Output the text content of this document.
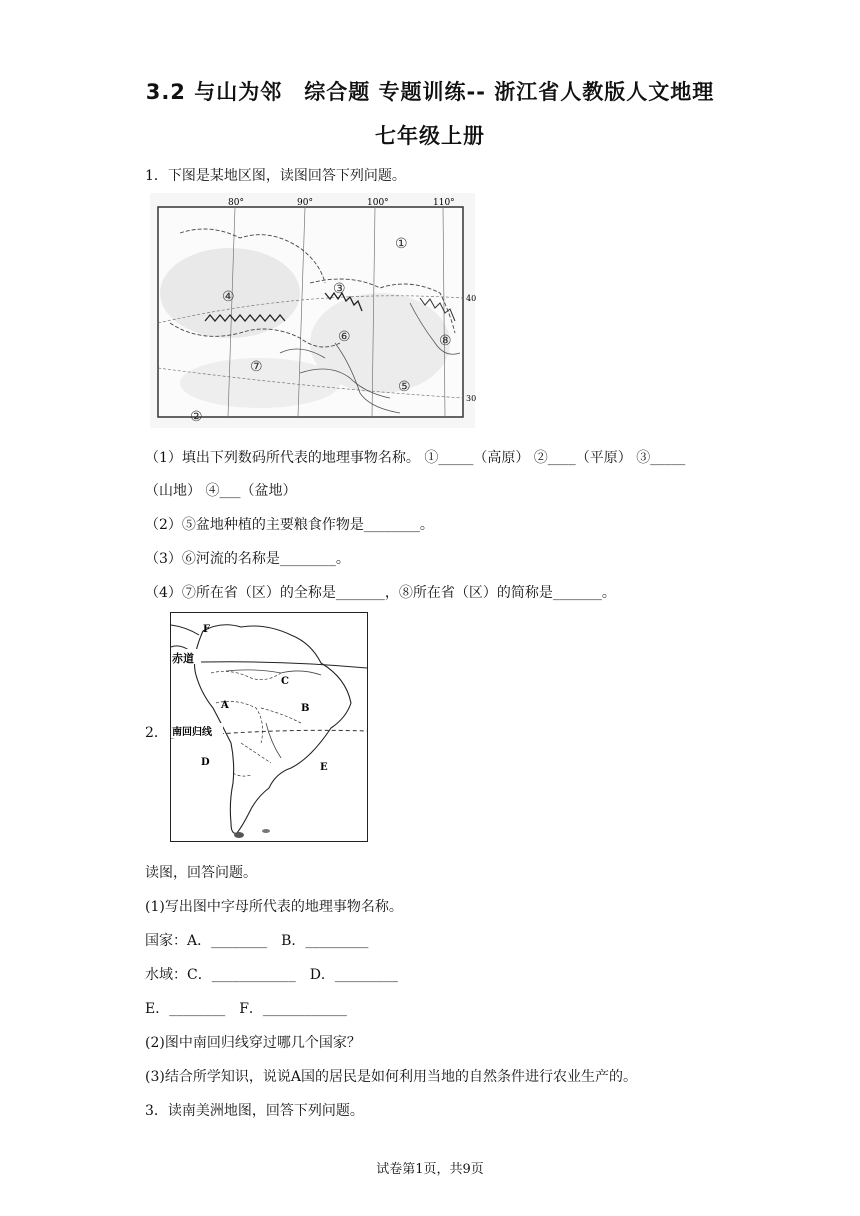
3.2 与山为邻　综合题 专题训练-- 浙江省人教版人文地理
七年级上册
1．下图是某地区图，读图回答下列问题。
80°	90°	100°	110°
40
30
①
②
③
④
⑤
⑥
⑦
⑧
（1）填出下列数码所代表的地理事物名称。 ①_____（高原） ②____（平原） ③_____
（山地） ④___（盆地）
（2）⑤盆地种植的主要粮食作物是________。
（3）⑥河流的名称是________。
（4）⑦所在省（区）的全称是_______，⑧所在省（区）的简称是_______。
2．
赤道
南回归线
F
C
A	B
D	E
读图，回答问题。
(1)写出图中字母所代表的地理事物名称。
国家：A．________　B．_________
水域：C．____________　D．_________
E．________　F．____________
(2)图中南回归线穿过哪几个国家？
(3)结合所学知识，说说A国的居民是如何利用当地的自然条件进行农业生产的。
3．读南美洲地图，回答下列问题。
试卷第1页，共9页
